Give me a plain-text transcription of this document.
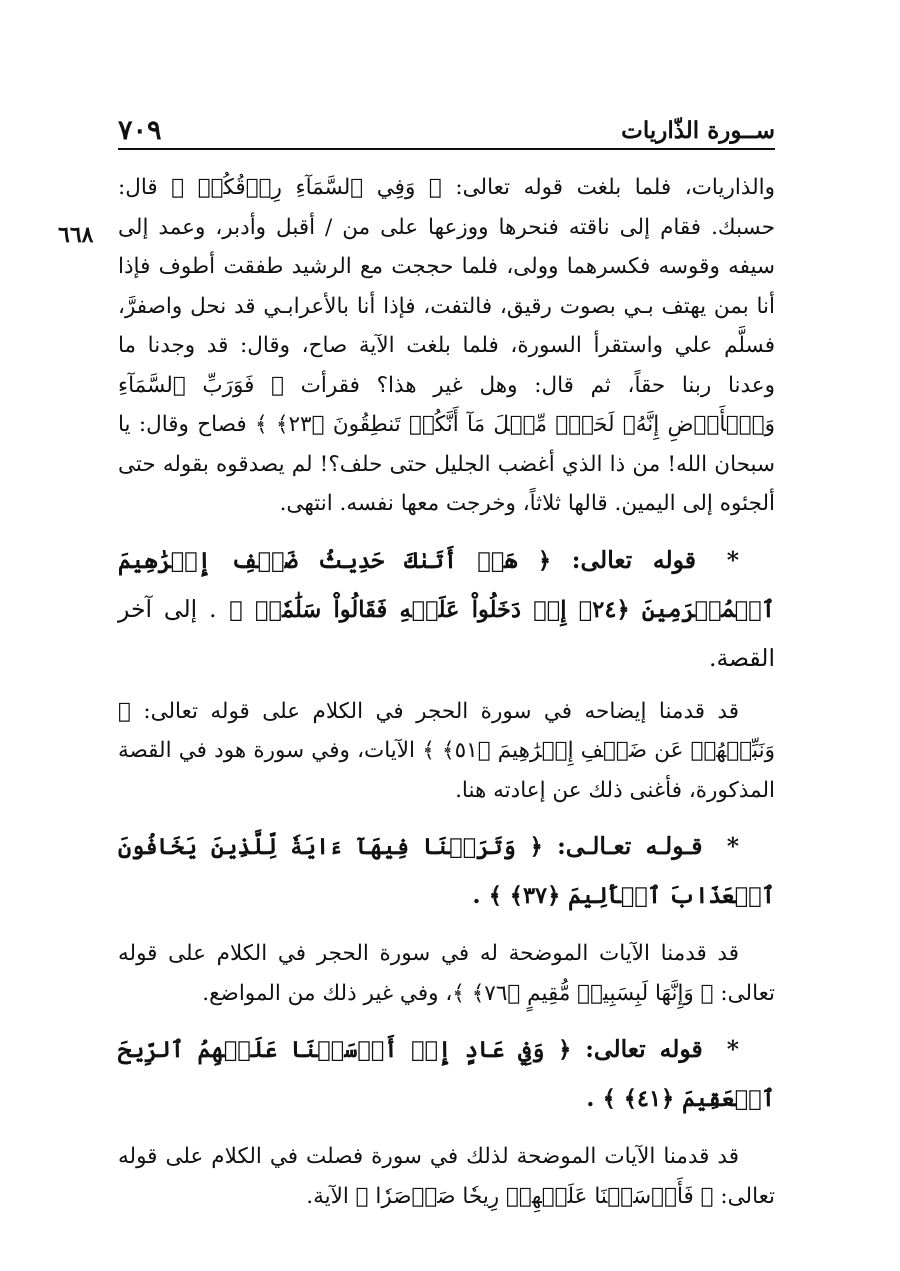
ســورة الذّاريات
٧٠٩
٦٦٨

والذاريات، فلما بلغت قوله تعالى: ﴿ وَفِي ٱلسَّمَآءِ رِزۡقُكُمۡ ﴾ قال: حسبك. فقام إلى ناقته فنحرها ووزعها على من / أقبل وأدبر، وعمد إلى سيفه وقوسه فكسرهما وولى، فلما حججت مع الرشيد طفقت أطوف فإذا أنا بمن يهتف بـي بصوت رقيق، فالتفت، فإذا أنا بالأعرابـي قد نحل واصفرَّ، فسلَّم علي واستقرأ السورة، فلما بلغت الآية صاح، وقال: قد وجدنا ما وعدنا ربنا حقاً، ثم قال: وهل غير هذا؟ فقرأت ﴿ فَوَرَبِّ ٱلسَّمَآءِ وَٱلۡأَرۡضِ إِنَّهُۥ لَحَقّٞ مِّثۡلَ مَآ أَنَّكُمۡ تَنطِقُونَ ﴿٢٣﴾ ﴾ فصاح وقال: يا سبحان الله! من ذا الذي أغضب الجليل حتى حلف؟! لم يصدقوه بقوله حتى ألجئوه إلى اليمين. قالها ثلاثاً، وخرجت معها نفسه. انتهى.

* قوله تعالى: ﴿ هَلۡ أَتَىٰكَ حَدِيثُ ضَيۡفِ إِبۡرَٰهِيمَ ٱلۡمُكۡرَمِينَ ﴿٢٤﴾ إِذۡ دَخَلُواْ عَلَيۡهِ فَقَالُواْ سَلَٰمٗاۖ ﴾ . إلى آخر القصة.

قد قدمنا إيضاحه في سورة الحجر في الكلام على قوله تعالى: ﴿ وَنَبِّئۡهُمۡ عَن ضَيۡفِ إِبۡرَٰهِيمَ ﴿٥١﴾ ﴾ الآيات، وفي سورة هود في القصة المذكورة، فأغنى ذلك عن إعادته هنا.

* قـولـه تعـالـى: ﴿ وَتَرَكۡنَا فِيهَآ ءَايَةٗ لِّلَّذِينَ يَخَافُونَ ٱلۡعَذَابَ ٱلۡأَلِيمَ ﴿٣٧﴾ ﴾ .

قد قدمنا الآيات الموضحة له في سورة الحجر في الكلام على قوله تعالى: ﴿ وَإِنَّهَا لَبِسَبِيلٖ مُّقِيمٍ ﴿٧٦﴾ ﴾، وفي غير ذلك من المواضع.

* قوله تعالى: ﴿ وَفِي عَادٍ إِذۡ أَرۡسَلۡنَا عَلَيۡهِمُ ٱلرِّيحَ ٱلۡعَقِيمَ ﴿٤١﴾ ﴾ .

قد قدمنا الآيات الموضحة لذلك في سورة فصلت في الكلام على قوله تعالى: ﴿ فَأَرۡسَلۡنَا عَلَيۡهِمۡ رِيحٗا صَرۡصَرٗا ﴾ الآية.
